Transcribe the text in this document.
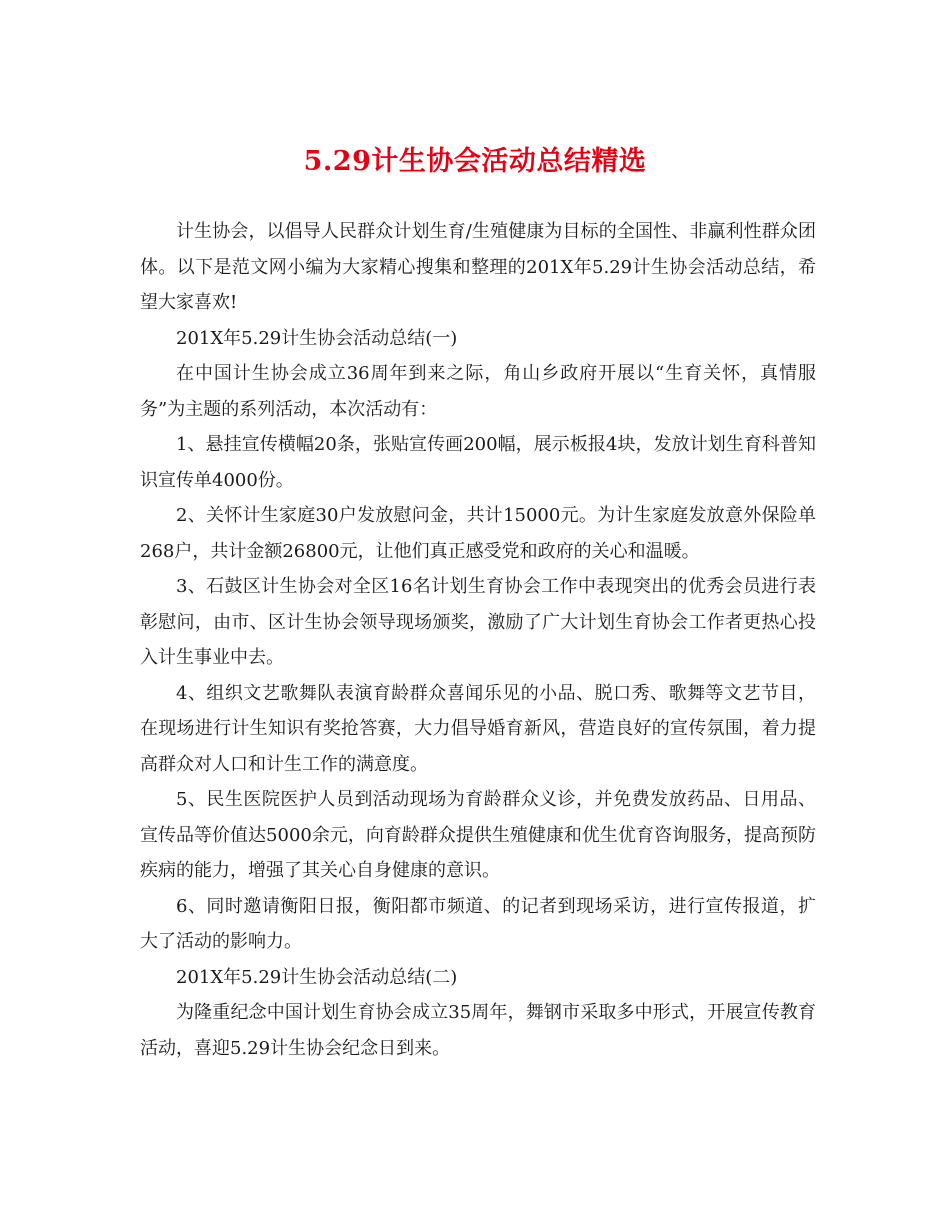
5.29计生协会活动总结精选

计生协会，以倡导人民群众计划生育/生殖健康为目标的全国性、非赢利性群众团体。以下是范文网小编为大家精心搜集和整理的201X年5.29计生协会活动总结，希望大家喜欢!

201X年5.29计生协会活动总结(一)

在中国计生协会成立36周年到来之际，角山乡政府开展以“生育关怀，真情服务”为主题的系列活动，本次活动有：

1、悬挂宣传横幅20条，张贴宣传画200幅，展示板报4块，发放计划生育科普知识宣传单4000份。

2、关怀计生家庭30户发放慰问金，共计15000元。为计生家庭发放意外保险单268户，共计金额26800元，让他们真正感受党和政府的关心和温暖。

3、石鼓区计生协会对全区16名计划生育协会工作中表现突出的优秀会员进行表彰慰问，由市、区计生协会领导现场颁奖，激励了广大计划生育协会工作者更热心投入计生事业中去。

4、组织文艺歌舞队表演育龄群众喜闻乐见的小品、脱口秀、歌舞等文艺节目，在现场进行计生知识有奖抢答赛，大力倡导婚育新风，营造良好的宣传氛围，着力提高群众对人口和计生工作的满意度。

5、民生医院医护人员到活动现场为育龄群众义诊，并免费发放药品、日用品、宣传品等价值达5000余元，向育龄群众提供生殖健康和优生优育咨询服务，提高预防疾病的能力，增强了其关心自身健康的意识。

6、同时邀请衡阳日报，衡阳都市频道、的记者到现场采访，进行宣传报道，扩大了活动的影响力。

201X年5.29计生协会活动总结(二)

为隆重纪念中国计划生育协会成立35周年，舞钢市采取多中形式，开展宣传教育活动，喜迎5.29计生协会纪念日到来。
